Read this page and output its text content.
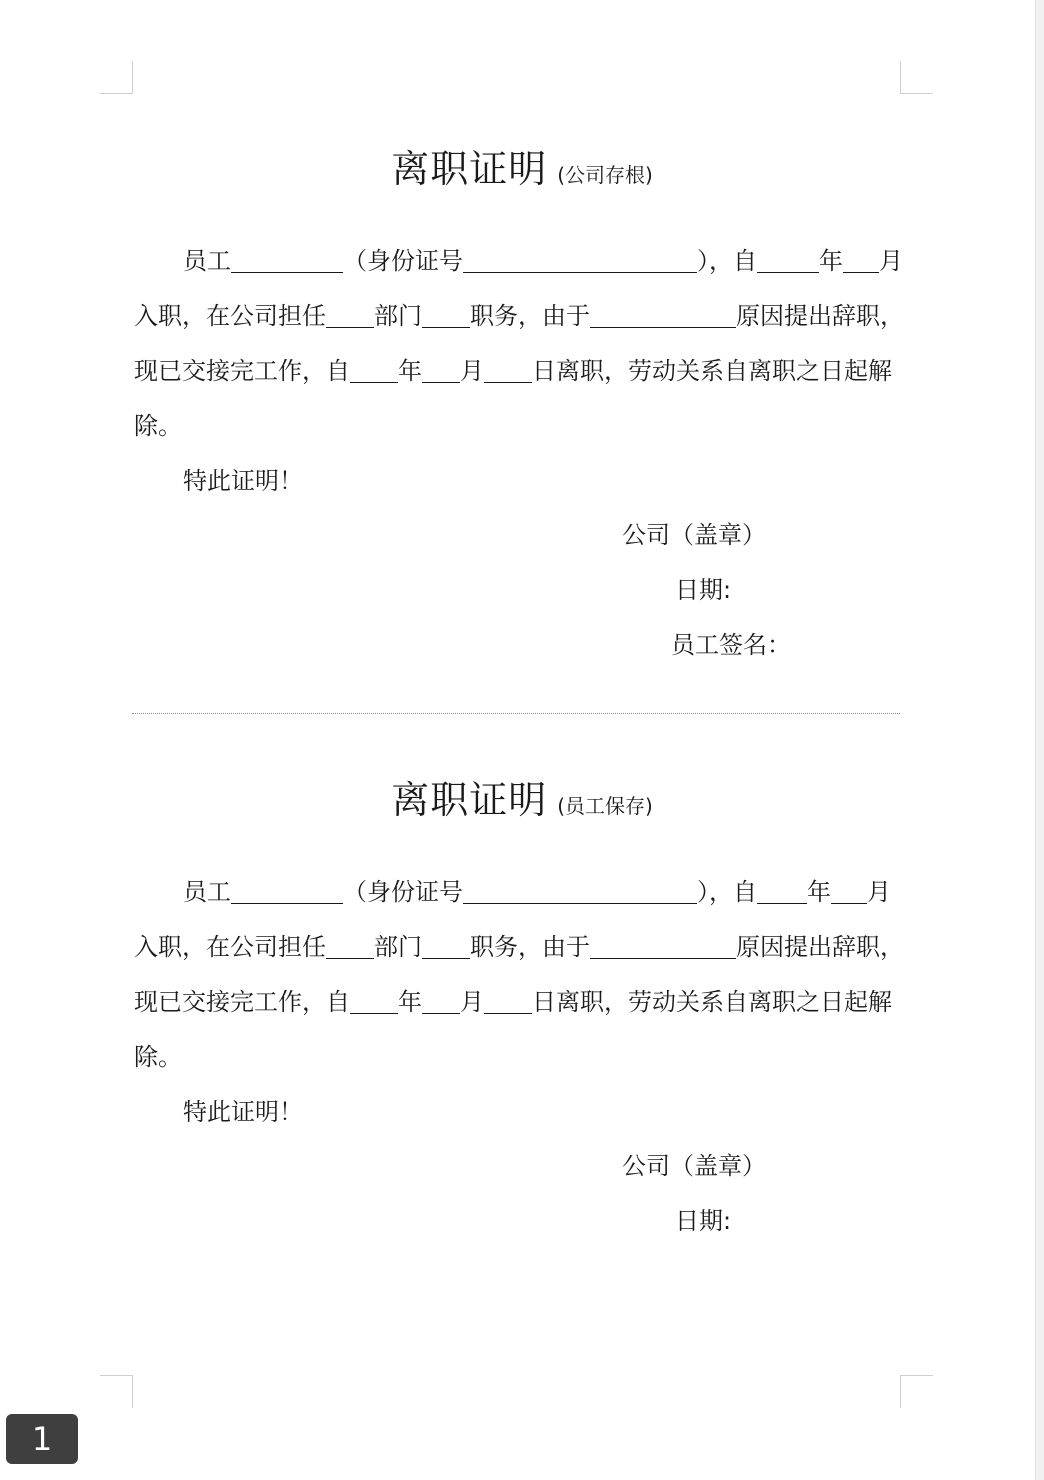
离职证明 (公司存根)
员工	（身份证号	），自	年 月
入职，在公司担任 部门 职务，由于	原因提出辞职，
现已交接完工作，自 年 月 日离职，劳动关系自离职之日起解
除。
特此证明！
公司（盖章）
日期:
员工签名：
离职证明 (员工保存)
员工	（身份证号	），自 年 月
入职，在公司担任 部门 职务，由于	原因提出辞职，
现已交接完工作，自 年 月 日离职，劳动关系自离职之日起解
除。
特此证明！
公司（盖章）
日期:
1
